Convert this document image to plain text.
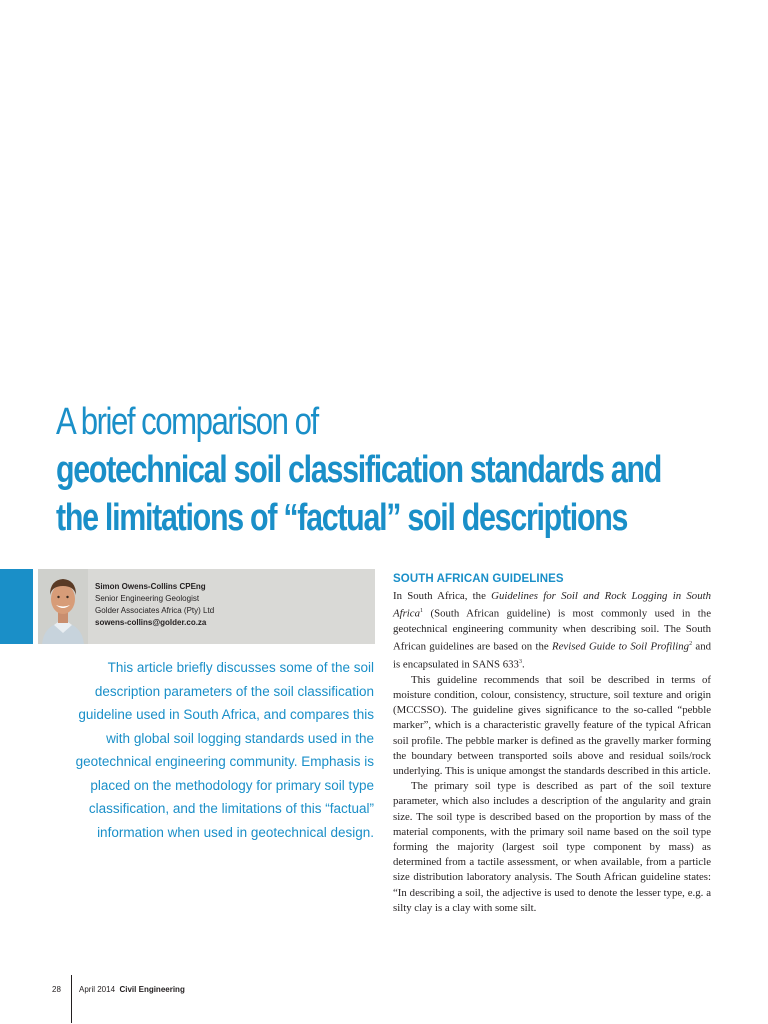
A brief comparison of
geotechnical soil classification standards and
the limitations of “factual” soil descriptions
Simon Owens-Collins CPEng
Senior Engineering Geologist
Golder Associates Africa (Pty) Ltd
sowens-collins@golder.co.za
This article briefly discusses some of the soil description parameters of the soil classification guideline used in South Africa, and compares this with global soil logging standards used in the geotechnical engineering community. Emphasis is placed on the methodology for primary soil type classification, and the limitations of this “factual” information when used in geotechnical design.
SOUTH AFRICAN GUIDELINES

In South Africa, the Guidelines for Soil and Rock Logging in South Africa$^1$ (South African guideline) is most commonly used in the geotechnical engineering community when describing soil. The South African guidelines are based on the Revised Guide to Soil Profiling$^2$ and is encapsulated in SANS $633^3$.

This guideline recommends that soil be described in terms of moisture condition, colour, consistency, structure, soil texture and origin (MCCSSO). The guideline gives significance to the so-called “pebble marker”, which is a characteristic gravelly feature of the typical African soil profile. The pebble marker is defined as the gravelly marker forming the boundary between transported soils above and residual soils/rock underlying. This is unique amongst the standards described in this article.

The primary soil type is described as part of the soil texture parameter, which also includes a description of the angularity and grain size. The soil type is described based on the proportion by mass of the material components, with the primary soil name based on the soil type forming the majority (largest soil type component by mass) as determined from a tactile assessment, or when available, from a particle size distribution laboratory analysis. The South African guideline states: “In describing a soil, the adjective is used to denote the lesser type, e.g. a silty clay is a clay with some silt.

28 April 2014 Civil Engineering
